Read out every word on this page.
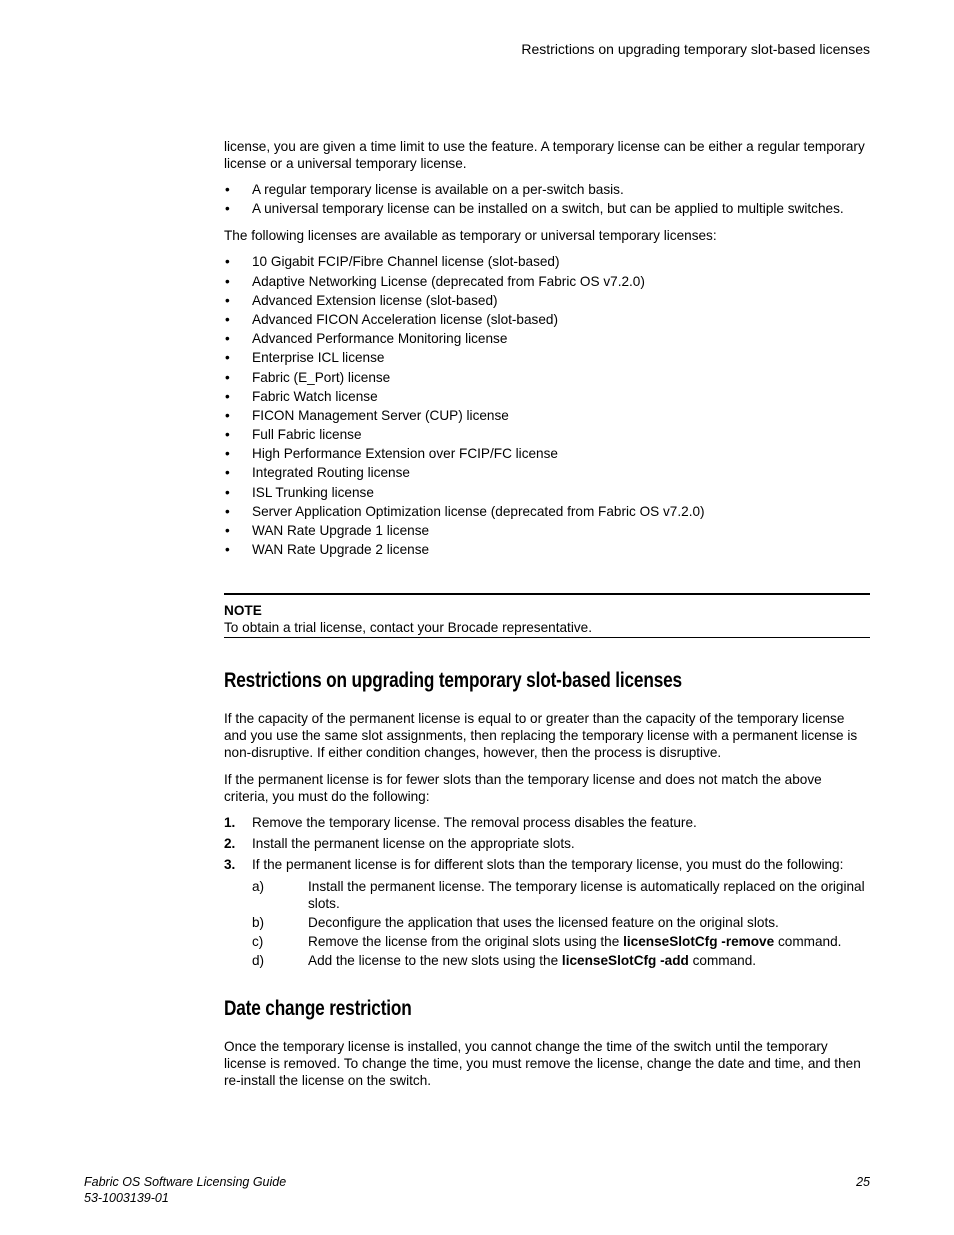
Restrictions on upgrading temporary slot-based licenses

license, you are given a time limit to use the feature. A temporary license can be either a regular temporary license or a universal temporary license.

• A regular temporary license is available on a per-switch basis.
• A universal temporary license can be installed on a switch, but can be applied to multiple switches.

The following licenses are available as temporary or universal temporary licenses:

• 10 Gigabit FCIP/Fibre Channel license (slot-based)
• Adaptive Networking License (deprecated from Fabric OS v7.2.0)
• Advanced Extension license (slot-based)
• Advanced FICON Acceleration license (slot-based)
• Advanced Performance Monitoring license
• Enterprise ICL license
• Fabric (E_Port) license
• Fabric Watch license
• FICON Management Server (CUP) license
• Full Fabric license
• High Performance Extension over FCIP/FC license
• Integrated Routing license
• ISL Trunking license
• Server Application Optimization license (deprecated from Fabric OS v7.2.0)
• WAN Rate Upgrade 1 license
• WAN Rate Upgrade 2 license
NOTE
To obtain a trial license, contact your Brocade representative.
Restrictions on upgrading temporary slot-based licenses

If the capacity of the permanent license is equal to or greater than the capacity of the temporary license and you use the same slot assignments, then replacing the temporary license with a permanent license is non-disruptive. If either condition changes, however, then the process is disruptive.

If the permanent license is for fewer slots than the temporary license and does not match the above criteria, you must do the following:

1. Remove the temporary license. The removal process disables the feature.
2. Install the permanent license on the appropriate slots.
3. If the permanent license is for different slots than the temporary license, you must do the following:
a)	Install the permanent license. The temporary license is automatically replaced on the original slots.
b)	Deconfigure the application that uses the licensed feature on the original slots.
c)	Remove the license from the original slots using the licenseSlotCfg -remove command.
d)	Add the license to the new slots using the licenseSlotCfg -add command.
Date change restriction

Once the temporary license is installed, you cannot change the time of the switch until the temporary license is removed. To change the time, you must remove the license, change the date and time, and then re-install the license on the switch.

Fabric OS Software Licensing Guide
53-1003139-01
25
